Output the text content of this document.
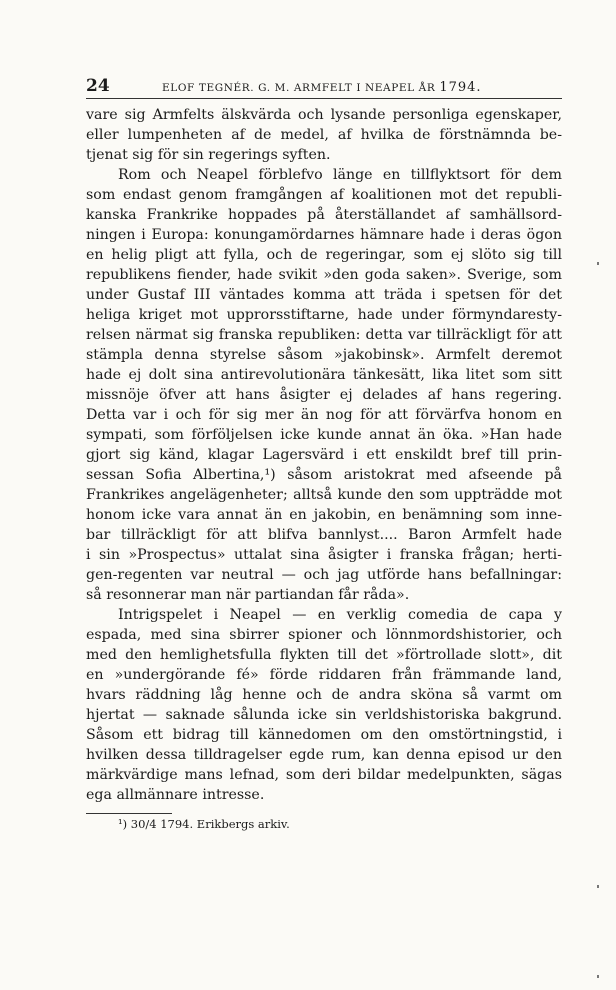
24	ELOF TEGNÉR. G. M. ARMFELT I NEAPEL ÅR 1794.
vare sig Armfelts älskvärda och lysande personliga egenskaper,
eller lumpenheten af de medel, af hvilka de förstnämnda be-
tjenat sig för sin regerings syften.
Rom och Neapel förblefvo länge en tillflyktsort för dem
som endast genom framgången af koalitionen mot det republi-
kanska Frankrike hoppades på återställandet af samhällsord-
ningen i Europa: konungamördarnes hämnare hade i deras ögon
en helig pligt att fylla, och de regeringar, som ej slöto sig till
republikens fiender, hade svikit »den goda saken». Sverige, som
under Gustaf III väntades komma att träda i spetsen för det
heliga kriget mot upprorsstiftarne, hade under förmyndaresty-
relsen närmat sig franska republiken: detta var tillräckligt för att
stämpla denna styrelse såsom »jakobinsk». Armfelt deremot
hade ej dolt sina antirevolutionära tänkesätt, lika litet som sitt
missnöje öfver att hans åsigter ej delades af hans regering.
Detta var i och för sig mer än nog för att förvärfva honom en
sympati, som förföljelsen icke kunde annat än öka. »Han hade
gjort sig känd, klagar Lagersvärd i ett enskildt bref till prin-
sessan Sofia Albertina,¹) såsom aristokrat med afseende på
Frankrikes angelägenheter; alltså kunde den som uppträdde mot
honom icke vara annat än en jakobin, en benämning som inne-
bar tillräckligt för att blifva bannlyst.... Baron Armfelt hade
i sin »Prospectus» uttalat sina åsigter i franska frågan; herti-
gen-regenten var neutral — och jag utförde hans befallningar:
så resonnerar man när partiandan får råda».
Intrigspelet i Neapel — en verklig comedia de capa y
espada, med sina sbirrer spioner och lönnmordshistorier, och
med den hemlighetsfulla flykten till det »förtrollade slott», dit
en »undergörande fé» förde riddaren från främmande land,
hvars räddning låg henne och de andra sköna så varmt om
hjertat — saknade sålunda icke sin verldshistoriska bakgrund.
Såsom ett bidrag till kännedomen om den omstörtningstid, i
hvilken dessa tilldragelser egde rum, kan denna episod ur den
märkvärdige mans lefnad, som deri bildar medelpunkten, sägas
ega allmännare intresse.
¹) 30/4 1794. Erikbergs arkiv.
